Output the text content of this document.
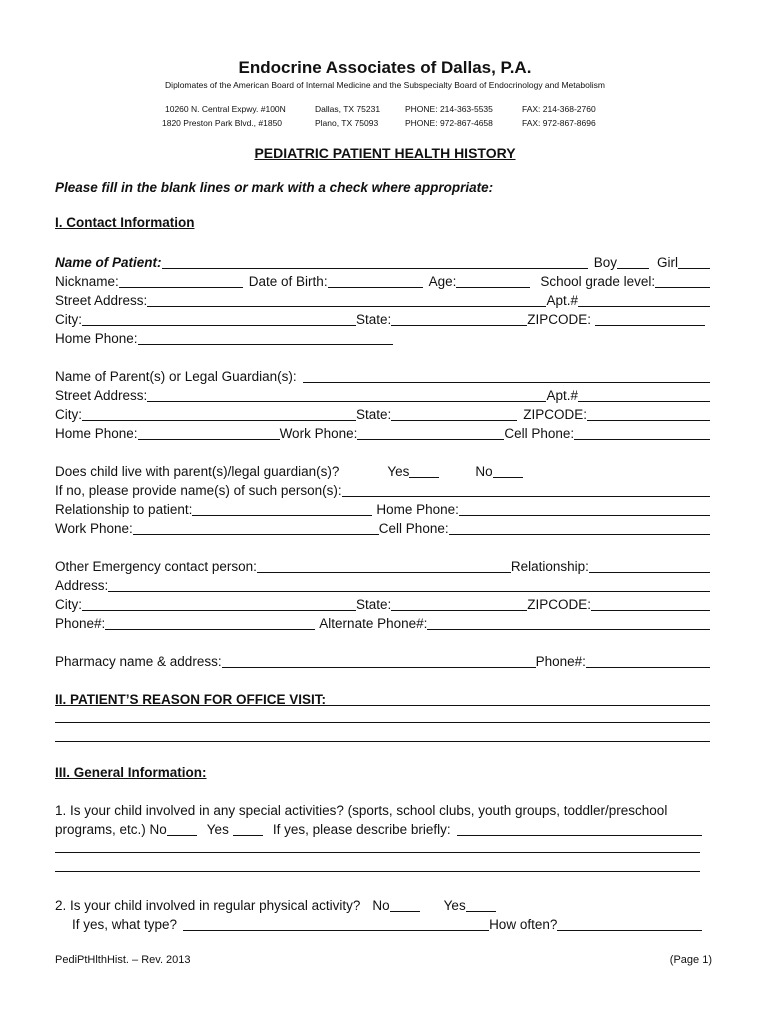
Endocrine Associates of Dallas, P.A.
Diplomates of the American Board of Internal Medicine and the Subspecialty Board of Endocrinology and Metabolism
10260 N. Central Expwy. #100N	Dallas, TX 75231	PHONE: 214-363-5535	FAX: 214-368-2760
1820 Preston Park Blvd., #1850	Plano, TX 75093	PHONE: 972-867-4658	FAX: 972-867-8696
PEDIATRIC PATIENT HEALTH HISTORY
Please fill in the blank lines or mark with a check where appropriate:
I. Contact Information
Name of Patient:	Boy	Girl
Nickname:	Date of Birth:	Age:	School grade level:
Street Address:	Apt.#
City:	State:	ZIPCODE:
Home Phone:
Name of Parent(s) or Legal Guardian(s):
Street Address:	Apt.#
City:	State:	ZIPCODE:
Home Phone:	Work Phone:	Cell Phone:
Does child live with parent(s)/legal guardian(s)?	Yes	No
If no, please provide name(s) of such person(s):
Relationship to patient:	Home Phone:
Work Phone:	Cell Phone:
Other Emergency contact person:	Relationship:
Address:
City:	State:	ZIPCODE:
Phone#:	Alternate Phone#:
Pharmacy name & address:	Phone#:
II. PATIENT’S REASON FOR OFFICE VISIT:
III. General Information:
1. Is your child involved in any special activities? (sports, school clubs, youth groups, toddler/preschool
programs, etc.) No	Yes	If yes, please describe briefly:
2. Is your child involved in regular physical activity? No	Yes
If yes, what type?	How often?
PediPtHlthHist. – Rev. 2013	(Page 1)
